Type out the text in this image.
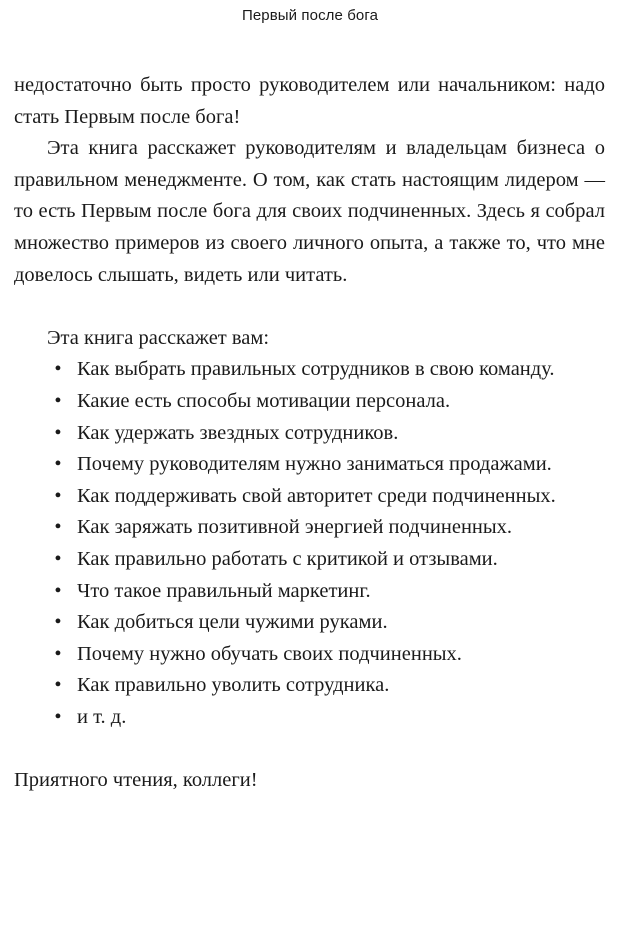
Первый после бога

недостаточно быть просто руководителем или начальником: надо стать Первым после бога!

Эта книга расскажет руководителям и владельцам бизнеса о правильном менеджменте. О том, как стать настоящим лидером — то есть Первым после бога для своих подчиненных. Здесь я собрал множество примеров из своего личного опыта, а также то, что мне довелось слышать, видеть или читать.

Эта книга расскажет вам:

• Как выбрать правильных сотрудников в свою команду.
• Какие есть способы мотивации персонала.
• Как удержать звездных сотрудников.
• Почему руководителям нужно заниматься продажами.
• Как поддерживать свой авторитет среди подчиненных.
• Как заряжать позитивной энергией подчиненных.
• Как правильно работать с критикой и отзывами.
• Что такое правильный маркетинг.
• Как добиться цели чужими руками.
• Почему нужно обучать своих подчиненных.
• Как правильно уволить сотрудника.
• и т. д.

Приятного чтения, коллеги!
